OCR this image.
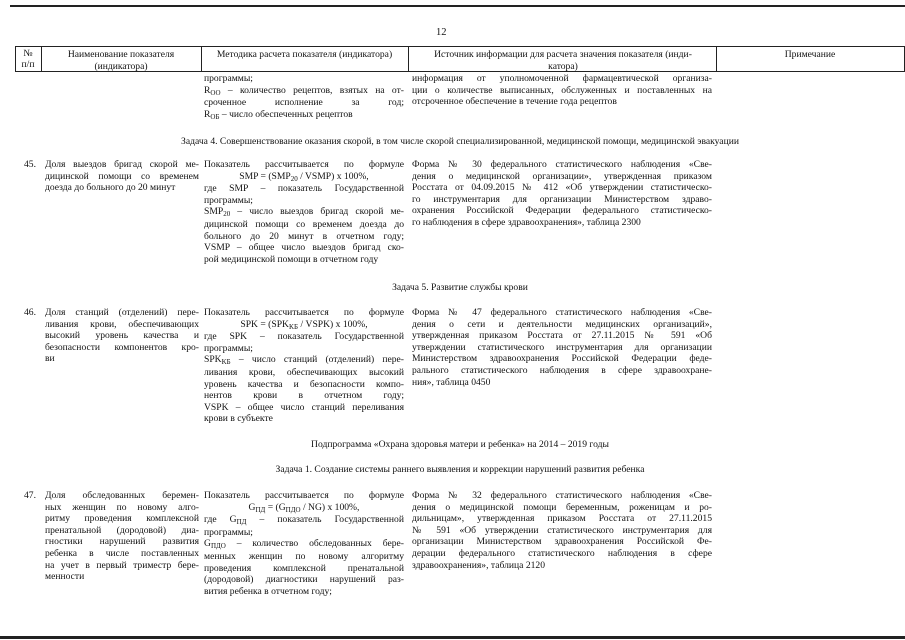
12
№
п/п
Наименование показателя
(индикатора)
Методика расчета показателя (индикатора)	Источник информации для расчета значения показателя (инди-
катора)
Примечание
программы;
$R_{OO}$ – количество рецептов, взятых на от-
сроченное исполнение за год;
$R_{OБ}$ – число обеспеченных рецептов
информация от уполномоченной фармацевтической организа-
ции о количестве выписанных, обслуженных и поставленных на
отсроченное обеспечение в течение года рецептов
Задача 4. Совершенствование оказания скорой, в том числе скорой специализированной, медицинской помощи, медицинской эвакуации
45. Доля выездов бригад скорой ме-
дицинской помощи со временем
доезда до больного до 20 минут
Показатель рассчитывается по формуле
SMP = ($SMP_{20}$ / VSMP) х 100%,
где SMP – показатель Государственной
программы;
$SMP_{20}$ – число выездов бригад скорой ме-
дицинской помощи со временем доезда до
больного до 20 минут в отчетном году;
VSMP – общее число выездов бригад ско-
рой медицинской помощи в отчетном году
Форма № 30 федерального статистического наблюдения «Све-
дения о медицинской организации», утвержденная приказом
Росстата от 04.09.2015 № 412 «Об утверждении статистическо-
го инструментария для организации Министерством здраво-
охранения Российской Федерации федерального статистическо-
го наблюдения в сфере здравоохранения», таблица 2300
Задача 5. Развитие службы крови
46. Доля станций (отделений) пере-
ливания крови, обеспечивающих
высокий уровень качества и
безопасности компонентов кро-
ви
Показатель рассчитывается по формуле
SPK = ($SPK_{KБ}$ / VSPK) х 100%,
где SPK – показатель Государственной
программы;
$SPK_{KБ}$ – число станций (отделений) пере-
ливания крови, обеспечивающих высокий
уровень качества и безопасности компо-
нентов крови в отчетном году;
VSPK – общее число станций переливания
крови в субъекте
Форма № 47 федерального статистического наблюдения «Све-
дения о сети и деятельности медицинских организаций»,
утвержденная приказом Росстата от 27.11.2015 № 591 «Об
утверждении статистического инструментария для организации
Министерством здравоохранения Российской Федерации феде-
рального статистического наблюдения в сфере здравоохране-
ния», таблица 0450
Подпрограмма «Охрана здоровья матери и ребенка» на 2014 – 2019 годы
Задача 1. Создание системы раннего выявления и коррекции нарушений развития ребенка
47. Доля обследованных беремен-
ных женщин по новому алго-
ритму проведения комплексной
пренатальной (дородовой) диа-
гностики нарушений развития
ребенка в числе поставленных
на учет в первый триместр бере-
менности
Показатель рассчитывается по формуле
$G_{ПД} = (G_{ПДО} / NG)$ х 100%,
где $G_{ПД}$ – показатель Государственной
программы;
$G_{ПДО}$ – количество обследованных бере-
менных женщин по новому алгоритму
проведения комплексной пренатальной
(дородовой) диагностики нарушений раз-
вития ребенка в отчетном году;
Форма № 32 федерального статистического наблюдения «Све-
дения о медицинской помощи беременным, роженицам и ро-
дильницам», утвержденная приказом Росстата от 27.11.2015
№ 591 «Об утверждении статистического инструментария для
организации Министерством здравоохранения Российской Фе-
дерации федерального статистического наблюдения в сфере
здравоохранения», таблица 2120
